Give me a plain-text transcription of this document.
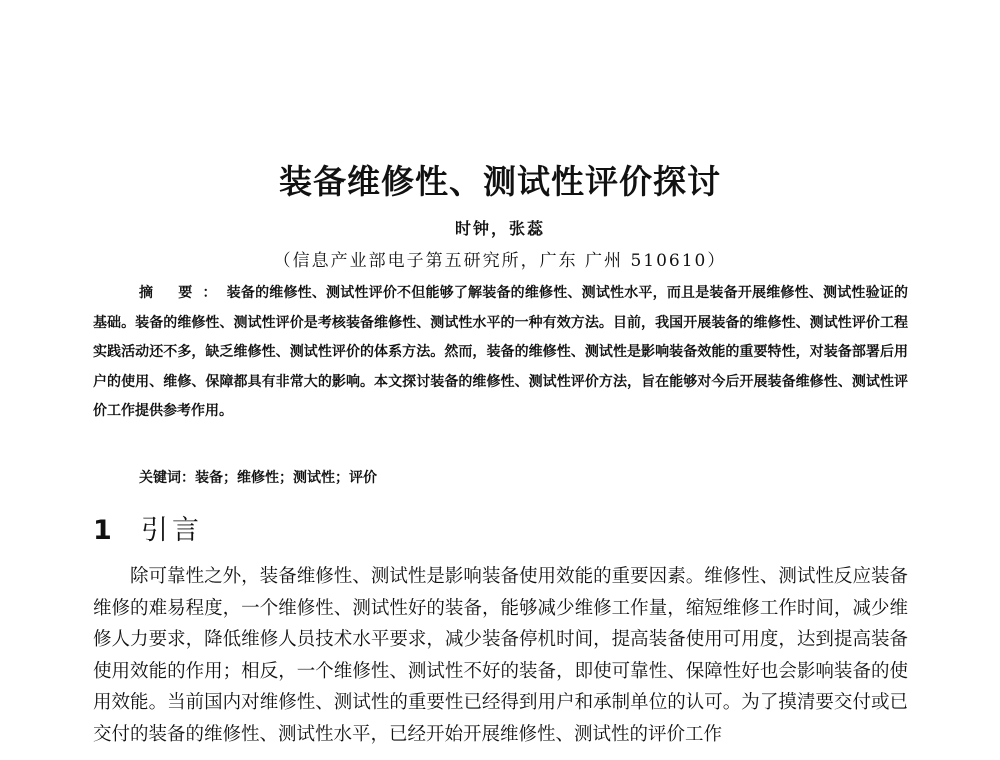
装备维修性、测试性评价探讨
时钟，张蕊
（信息产业部电子第五研究所，广东 广州 510610）

摘 要：装备的维修性、测试性评价不但能够了解装备的维修性、测试性水平，而且是装备开展维修性、测试性验证的基础。装备的维修性、测试性评价是考核装备维修性、测试性水平的一种有效方法。目前，我国开展装备的维修性、测试性评价工程实践活动还不多，缺乏维修性、测试性评价的体系方法。然而，装备的维修性、测试性是影响装备效能的重要特性，对装备部署后用户的使用、维修、保障都具有非常大的影响。本文探讨装备的维修性、测试性评价方法，旨在能够对今后开展装备维修性、测试性评价工作提供参考作用。

关键词：装备；维修性；测试性；评价
1 引言

除可靠性之外，装备维修性、测试性是影响装备使用效能的重要因素。维修性、测试性反应装备维修的难易程度，一个维修性、测试性好的装备，能够减少维修工作量，缩短维修工作时间，减少维修人力要求，降低维修人员技术水平要求，减少装备停机时间，提高装备使用可用度，达到提高装备使用效能的作用；相反，一个维修性、测试性不好的装备，即使可靠性、保障性好也会影响装备的使用效能。当前国内对维修性、测试性的重要性已经得到用户和承制单位的认可。为了摸清要交付或已交付的装备的维修性、测试性水平，已经开始开展维修性、测试性的评价工作
